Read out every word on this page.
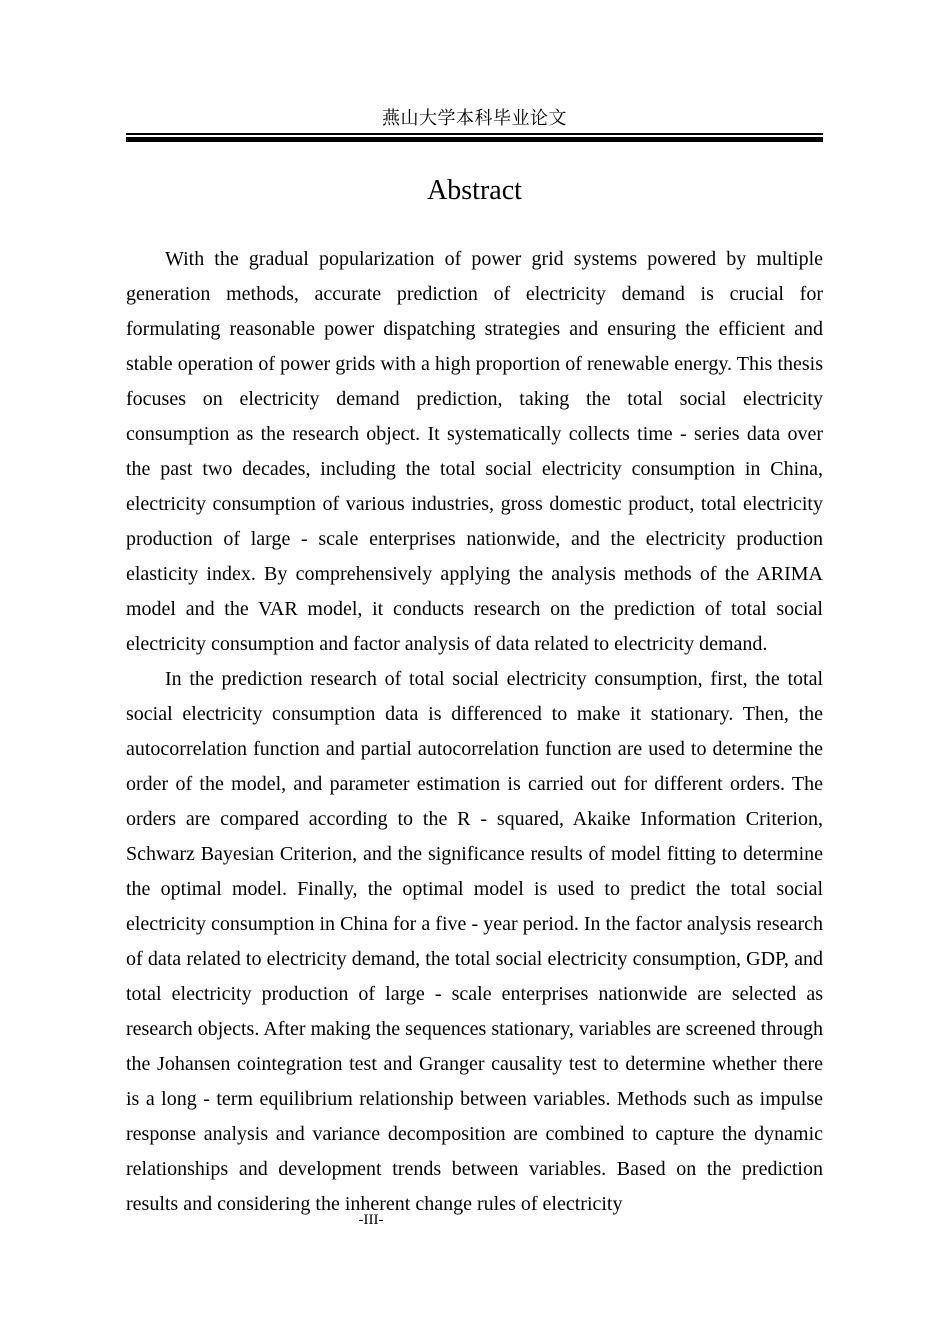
燕山大学本科毕业论文
Abstract

With the gradual popularization of power grid systems powered by multiple generation methods, accurate prediction of electricity demand is crucial for formulating reasonable power dispatching strategies and ensuring the efficient and stable operation of power grids with a high proportion of renewable energy. This thesis focuses on electricity demand prediction, taking the total social electricity consumption as the research object. It systematically collects time - series data over the past two decades, including the total social electricity consumption in China, electricity consumption of various industries, gross domestic product, total electricity production of large - scale enterprises nationwide, and the electricity production elasticity index. By comprehensively applying the analysis methods of the ARIMA model and the VAR model, it conducts research on the prediction of total social electricity consumption and factor analysis of data related to electricity demand.

In the prediction research of total social electricity consumption, first, the total social electricity consumption data is differenced to make it stationary. Then, the autocorrelation function and partial autocorrelation function are used to determine the order of the model, and parameter estimation is carried out for different orders. The orders are compared according to the R - squared, Akaike Information Criterion, Schwarz Bayesian Criterion, and the significance results of model fitting to determine the optimal model. Finally, the optimal model is used to predict the total social electricity consumption in China for a five - year period. In the factor analysis research of data related to electricity demand, the total social electricity consumption, GDP, and total electricity production of large - scale enterprises nationwide are selected as research objects. After making the sequences stationary, variables are screened through the Johansen cointegration test and Granger causality test to determine whether there is a long - term equilibrium relationship between variables. Methods such as impulse response analysis and variance decomposition are combined to capture the dynamic relationships and development trends between variables. Based on the prediction results and considering the inherent change rules of electricity

-III-
